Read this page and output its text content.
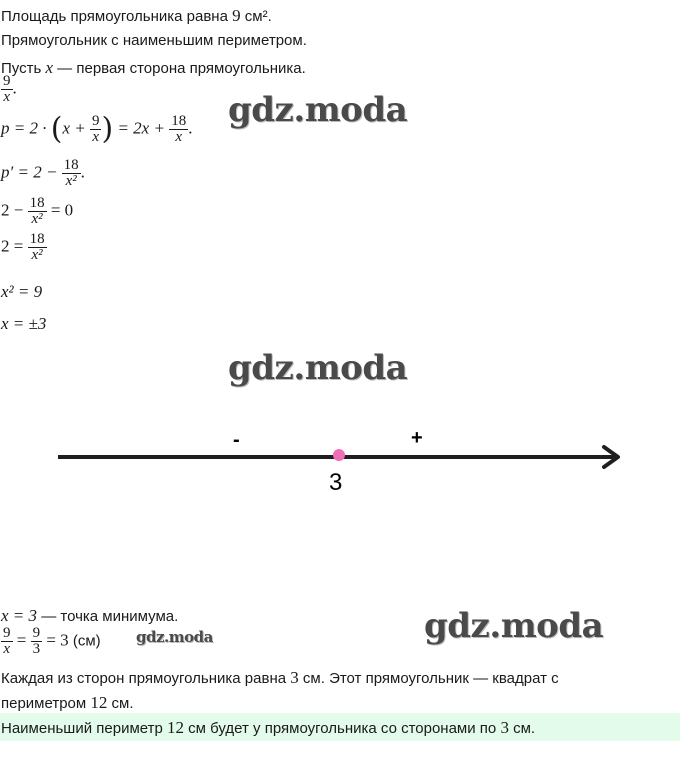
Площадь прямоугольника равна 9 см².
Прямоугольник с наименьшим периметром.
Пусть x — первая сторона прямоугольника.
$\frac{9}{x}$ .
$p = 2 \cdot (x + \frac{9}{x}$ ) = $2x + \frac{18}{x}$ .
$p' = 2 - \frac{18}{\text{x²}}$ .
$2 - \frac{18}{\text{x²}} = 0$
$2 = \frac{18}{\text{x²}}$
x² = 9
x = ±3
-	+
3
x = 3 — точка минимума.
$\frac{9}{x} = \frac{9}{3} = 3$ (см)
Каждая из сторон прямоугольника равна 3 см. Этот прямоугольник — квадрат с
периметром 12 см.
Наименьший периметр 12 см будет у прямоугольника со сторонами по 3 см.
gdz.moda
gdz.moda
gdz.moda
gdz.moda
